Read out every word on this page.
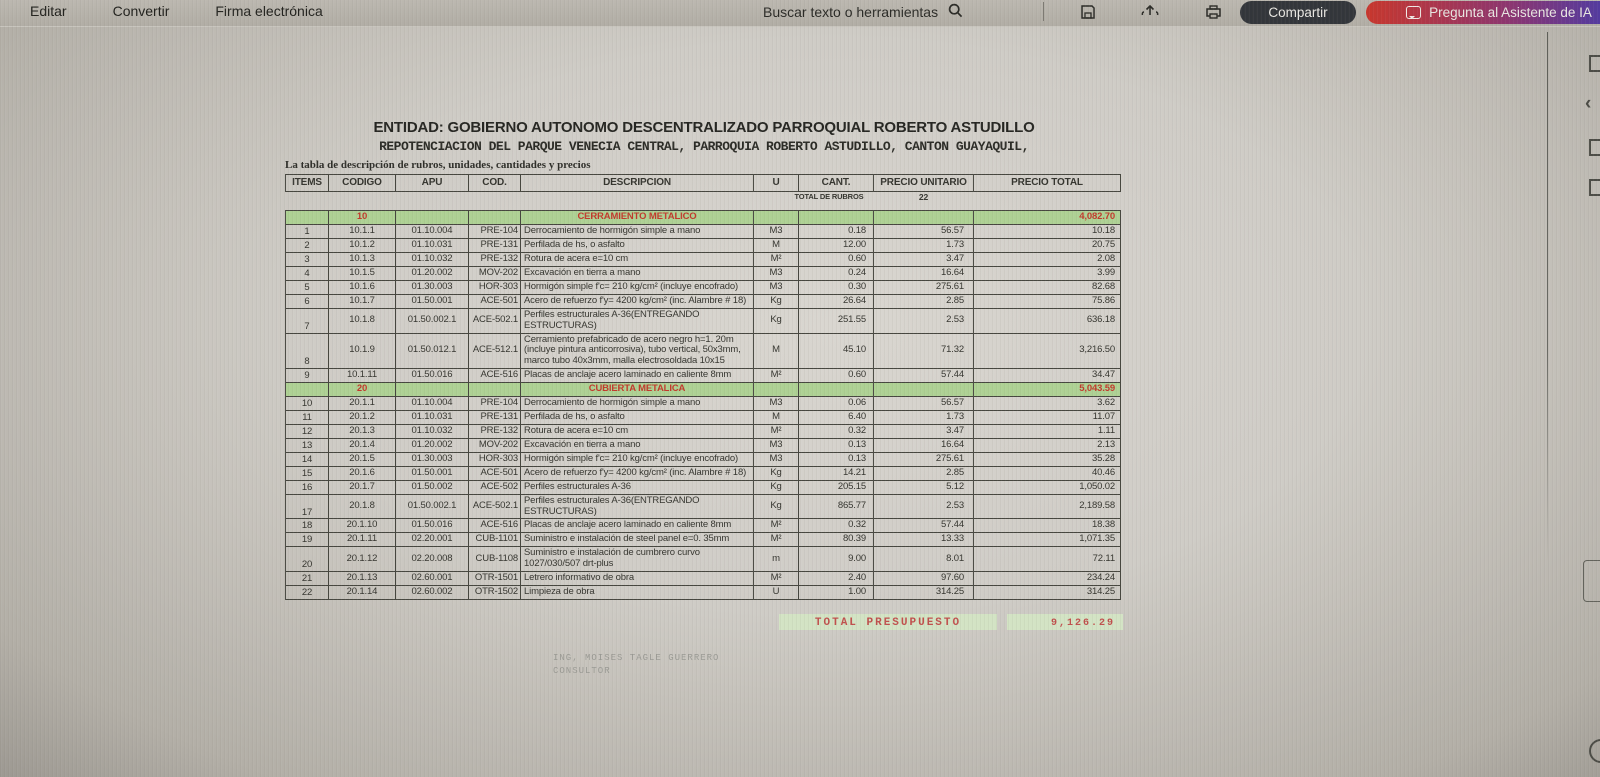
Editar	Convertir	Firma electrónica	Buscar texto o herramientas	Compartir	Pregunta al Asistente de IA
‹
ENTIDAD: GOBIERNO AUTONOMO DESCENTRALIZADO PARROQUIAL ROBERTO ASTUDILLO
REPOTENCIACION DEL PARQUE VENECIA CENTRAL, PARROQUIA ROBERTO ASTUDILLO, CANTON GUAYAQUIL,
La tabla de descripción de rubros, unidades, cantidades y precios
ITEMS	CODIGO	APU	COD.	DESCRIPCION	U	CANT.	PRECIO UNITARIO	PRECIO TOTAL
TOTAL DE RUBROS							22	
	10			CERRAMIENTO METALICO				4,082.70
1	10.1.1	01.10.004	PRE-104	Derrocamiento de hormigón simple a mano	M3	0.18	56.57	10.18
2	10.1.2	01.10.031	PRE-131	Perfilada de hs, o asfalto	M	12.00	1.73	20.75
3	10.1.3	01.10.032	PRE-132	Rotura de acera e=10 cm	M²	0.60	3.47	2.08
4	10.1.5	01.20.002	MOV-202	Excavación en tierra a mano	M3	0.24	16.64	3.99
5	10.1.6	01.30.003	HOR-303	Hormigón simple f'c= 210 kg/cm² (incluye encofrado)	M3	0.30	275.61	82.68
6	10.1.7	01.50.001	ACE-501	Acero de refuerzo f'y= 4200 kg/cm² (inc. Alambre # 18)	Kg	26.64	2.85	75.86
7	10.1.8	01.50.002.1	ACE-502.1	Perfiles estructurales A-36(ENTREGANDO ESTRUCTURAS)	Kg	251.55	2.53	636.18
8	10.1.9	01.50.012.1	ACE-512.1	Cerramiento prefabricado de acero negro h=1. 20m (incluye pintura anticorrosiva), tubo vertical, 50x3mm, marco tubo 40x3mm, malla electrosoldada 10x15	M	45.10	71.32	3,216.50
9	10.1.11	01.50.016	ACE-516	Placas de anclaje acero laminado en caliente 8mm	M²	0.60	57.44	34.47
	20			CUBIERTA METALICA				5,043.59
10	20.1.1	01.10.004	PRE-104	Derrocamiento de hormigón simple a mano	M3	0.06	56.57	3.62
11	20.1.2	01.10.031	PRE-131	Perfilada de hs, o asfalto	M	6.40	1.73	11.07
12	20.1.3	01.10.032	PRE-132	Rotura de acera e=10 cm	M²	0.32	3.47	1.11
13	20.1.4	01.20.002	MOV-202	Excavación en tierra a mano	M3	0.13	16.64	2.13
14	20.1.5	01.30.003	HOR-303	Hormigón simple f'c= 210 kg/cm² (incluye encofrado)	M3	0.13	275.61	35.28
15	20.1.6	01.50.001	ACE-501	Acero de refuerzo f'y= 4200 kg/cm² (inc. Alambre # 18)	Kg	14.21	2.85	40.46
16	20.1.7	01.50.002	ACE-502	Perfiles estructurales A-36	Kg	205.15	5.12	1,050.02
17	20.1.8	01.50.002.1	ACE-502.1	Perfiles estructurales A-36(ENTREGANDO ESTRUCTURAS)	Kg	865.77	2.53	2,189.58
18	20.1.10	01.50.016	ACE-516	Placas de anclaje acero laminado en caliente 8mm	M²	0.32	57.44	18.38
19	20.1.11	02.20.001	CUB-1101	Suministro e instalación de steel panel e=0. 35mm	M²	80.39	13.33	1,071.35
20	20.1.12	02.20.008	CUB-1108	Suministro e instalación de cumbrero curvo 1027/030/507 drt-plus	m	9.00	8.01	72.11
21	20.1.13	02.60.001	OTR-1501	Letrero informativo de obra	M²	2.40	97.60	234.24
22	20.1.14	02.60.002	OTR-1502	Limpieza de obra	U	1.00	314.25	314.25
TOTAL PRESUPUESTO	9,126.29
ING, MOISES TAGLE GUERRERO
CONSULTOR
